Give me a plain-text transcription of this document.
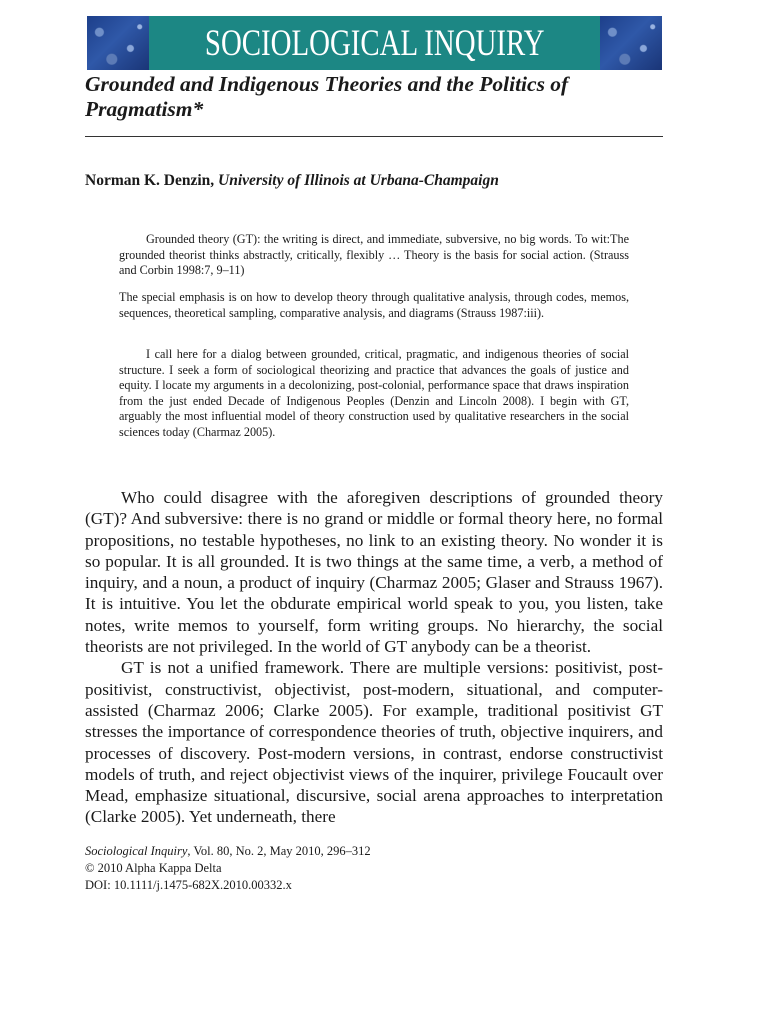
SOCIOLOGICAL INQUIRY
Grounded and Indigenous Theories and the Politics of Pragmatism*
Norman K. Denzin, University of Illinois at Urbana-Champaign

Grounded theory (GT): the writing is direct, and immediate, subversive, no big words. To wit:The grounded theorist thinks abstractly, critically, flexibly … Theory is the basis for social action. (Strauss and Corbin 1998:7, 9–11)

The special emphasis is on how to develop theory through qualitative analysis, through codes, memos, sequences, theoretical sampling, comparative analysis, and diagrams (Strauss 1987:iii).

I call here for a dialog between grounded, critical, pragmatic, and indigenous theories of social structure. I seek a form of sociological theorizing and practice that advances the goals of justice and equity. I locate my arguments in a decolonizing, post-colonial, performance space that draws inspiration from the just ended Decade of Indigenous Peoples (Denzin and Lincoln 2008). I begin with GT, arguably the most influential model of theory construction used by qualitative researchers in the social sciences today (Charmaz 2005).

Who could disagree with the aforegiven descriptions of grounded theory (GT)? And subversive: there is no grand or middle or formal theory here, no formal propositions, no testable hypotheses, no link to an existing theory. No wonder it is so popular. It is all grounded. It is two things at the same time, a verb, a method of inquiry, and a noun, a product of inquiry (Charmaz 2005; Glaser and Strauss 1967). It is intuitive. You let the obdurate empirical world speak to you, you listen, take notes, write memos to yourself, form writing groups. No hierarchy, the social theorists are not privileged. In the world of GT anybody can be a theorist.

GT is not a unified framework. There are multiple versions: positivist, post-positivist, constructivist, objectivist, post-modern, situational, and computer-assisted (Charmaz 2006; Clarke 2005). For example, traditional positivist GT stresses the importance of correspondence theories of truth, objective inquirers, and processes of discovery. Post-modern versions, in contrast, endorse constructivist models of truth, and reject objectivist views of the inquirer, privilege Foucault over Mead, emphasize situational, discursive, social arena approaches to interpretation (Clarke 2005). Yet underneath, there

Sociological Inquiry, Vol. 80, No. 2, May 2010, 296–312
© 2010 Alpha Kappa Delta
DOI: 10.1111/j.1475-682X.2010.00332.x
